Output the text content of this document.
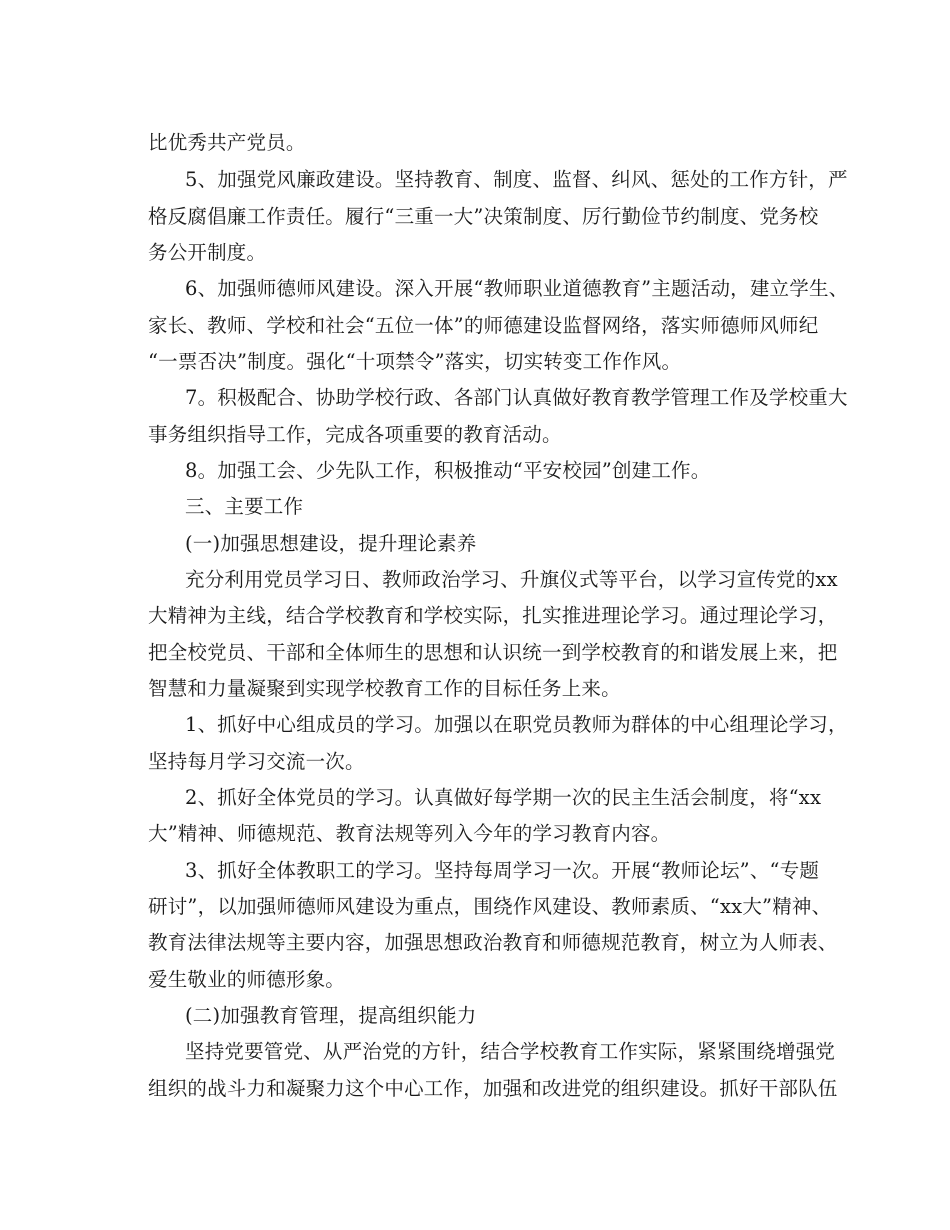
比优秀共产党员。
5、加强党风廉政建设。坚持教育、制度、监督、纠风、惩处的工作方针，严
格反腐倡廉工作责任。履行“三重一大”决策制度、厉行勤俭节约制度、党务校
务公开制度。
6、加强师德师风建设。深入开展“教师职业道德教育”主题活动，建立学生、
家长、教师、学校和社会“五位一体”的师德建设监督网络，落实师德师风师纪
“一票否决”制度。强化“十项禁令”落实，切实转变工作作风。
7。积极配合、协助学校行政、各部门认真做好教育教学管理工作及学校重大
事务组织指导工作，完成各项重要的教育活动。
8。加强工会、少先队工作，积极推动“平安校园”创建工作。
三、主要工作
(一)加强思想建设，提升理论素养
充分利用党员学习日、教师政治学习、升旗仪式等平台，以学习宣传党的xx
大精神为主线，结合学校教育和学校实际，扎实推进理论学习。通过理论学习，
把全校党员、干部和全体师生的思想和认识统一到学校教育的和谐发展上来，把
智慧和力量凝聚到实现学校教育工作的目标任务上来。
1、抓好中心组成员的学习。加强以在职党员教师为群体的中心组理论学习，
坚持每月学习交流一次。
2、抓好全体党员的学习。认真做好每学期一次的民主生活会制度，将“xx
大”精神、师德规范、教育法规等列入今年的学习教育内容。
3、抓好全体教职工的学习。坚持每周学习一次。开展“教师论坛”、“专题
研讨”，以加强师德师风建设为重点，围绕作风建设、教师素质、“xx大”精神、
教育法律法规等主要内容，加强思想政治教育和师德规范教育，树立为人师表、
爱生敬业的师德形象。
(二)加强教育管理，提高组织能力
坚持党要管党、从严治党的方针，结合学校教育工作实际，紧紧围绕增强党
组织的战斗力和凝聚力这个中心工作，加强和改进党的组织建设。抓好干部队伍
